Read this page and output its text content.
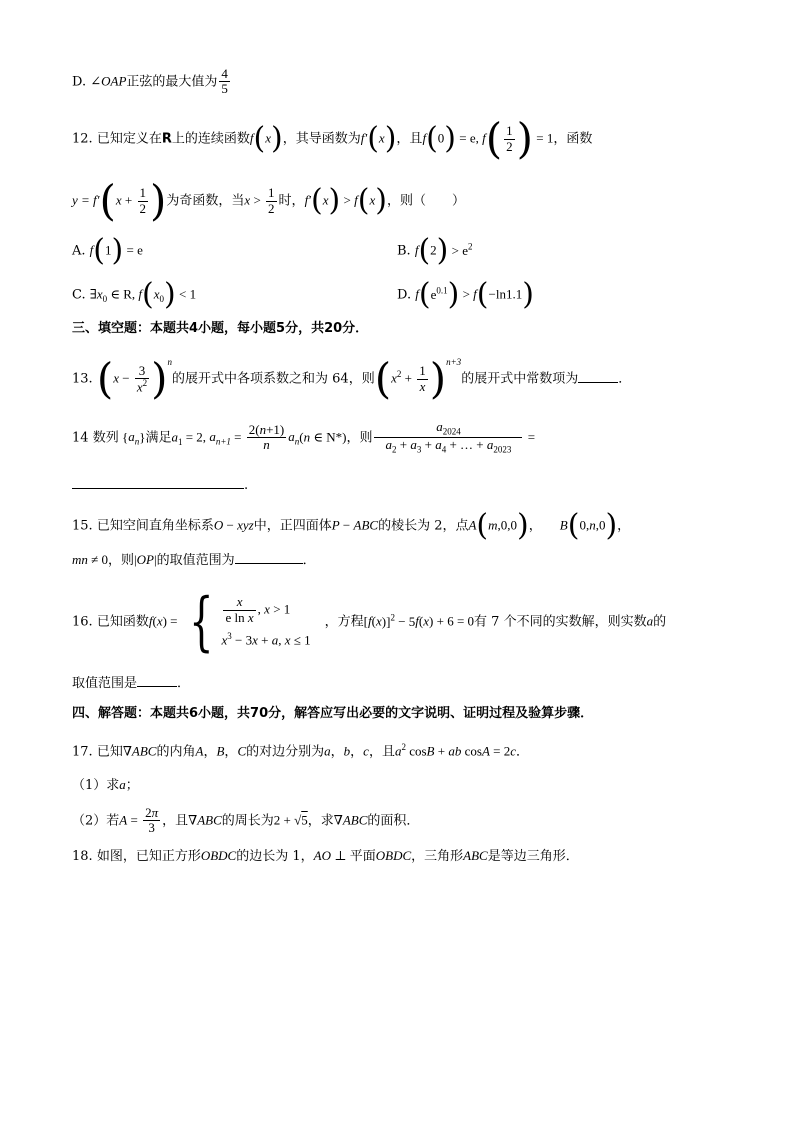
D. ∠OAP正弦的最大值为 $\frac{4}{5}$
12. 已知定义在R上的连续函数f(x)，其导函数为f′(x)，且f(0) = e, $f( \frac{1}{2}$ ) = 1，函数
$y = f'(x + \frac{1}{2}$ )为奇函数，当$x > \frac{1}{2}$ 时，f′(x) > f(x)，则（　　）
A. f(1) = e	B. $f(2) > e^2$
C. $\exists x_0$ ∈ R, $f(x_0) < 1$	D. $f(e^{0.1}) > f(-\ln 1.1)$
三、填空题：本题共4小题，每小题5分，共20分．
13. $(x - \frac{3}{x^2} )^n$的展开式中各项系数之和为 64，则$(x^2 + \frac{1}{x} )^{n+3}$的展开式中常数项为	．
14 数列 $\{a_n\}$满足$a_1 = 2$, $a_{n+1} = \frac{2(n+1)}{n} a_n(n$ ∈ N*)，则 $\frac{a_{2024}}{a_2 + a_3 + a_4 + \dots + a_{2023}}$ =
.
15. 已知空间直角坐标系O − xyz中，正四面体P − ABC的棱长为 2，点A(m,0,0)， B(0,n,0)，
mn ≠ 0，则|OP|的取值范围为	．
16. 已知函数f(x) = { $\frac{x}{\text{e ln x}}$ , x > 1
$x^3 - 3x + a$, x ≤ 1
，方程$[f(x)]^2 - 5f(x) + 6 = 0$有 7 个不同的实数解，则实数a的
取值范围是	．
四、解答题：本题共6小题，共70分，解答应写出必要的文字说明、证明过程及验算步骤．
17. 已知∇ABC的内角A，B，C的对边分别为a，b，c，且$a^2$ cosB + ab cosA = 2c．
（1）求a；
（2）若$A = \frac{2\pi}{3}$ ，且∇ABC的周长为2 + √5，求∇ABC的面积．
18. 如图，已知正方形OBDC的边长为 1，AO ⊥ 平面OBDC，三角形ABC是等边三角形．
